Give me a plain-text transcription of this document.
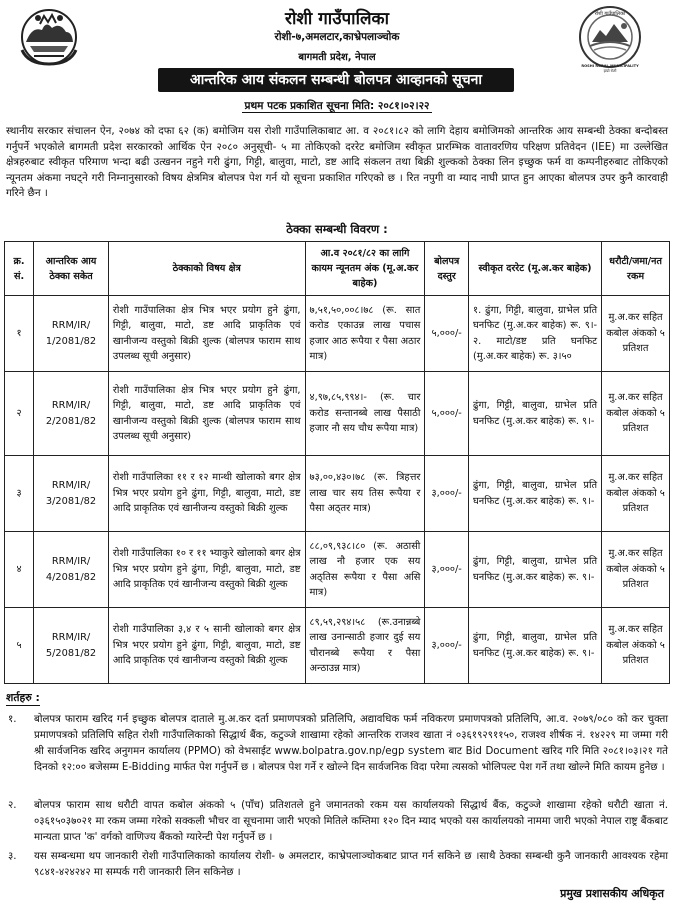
रोशी गाउँपालिका
रोशी-७,अमलटार,काभ्रेपलाञ्चोक
बागमती प्रदेश, नेपाल
रोशी गाउँपालिका
ROSHI RURAL MUNICIPALITY
हाम्रो रोशी
आन्तरिक आय संकलन सम्बन्धी बोलपत्र आव्हानको सूचना
प्रथम पटक प्रकाशित सूचना मिति: २०८१।०२।२२
स्थानीय सरकार संचालन ऐन, २०७४ को दफा ६२ (क) बमोजिम यस रोशी गाउँपालिकाबाट आ. व २०८१।८२ को लागि देहाय बमोजिमको आन्तरिक आय सम्बन्धी ठेक्का बन्दोबस्त गर्नुपर्ने भएकोले बागमती प्रदेश सरकारको आर्थिक ऐन २०८० अनुसूची- ५ मा तोकिएको दररेट बमोजिम स्वीकृत प्रारम्भिक वातावरणिय परिक्षण प्रतिवेदन (IEE) मा उल्लेखित क्षेत्रहरुबाट स्वीकृत परिमाण भन्दा बढी उत्खनन नहुने गरी ढुंगा, गिट्टी, बालुवा, माटो, डष्ट आदि संकलन तथा बिक्री शुल्कको ठेक्का लिन इच्छुक फर्म वा कम्पनीहरुबाट तोकिएको न्यूनतम अंकमा नघट्ने गरी निम्नानुसारको विषय क्षेत्रमित्र बोलपत्र पेश गर्न यो सूचना प्रकाशित गरिएको छ । रित नपुगी वा म्याद नाघी प्राप्त हुन आएका बोलपत्र उपर कुनै कारवाही गरिने छैन ।
ठेक्का सम्बन्धी विवरण :
क्र. सं.	आन्तरिक आय ठेक्का सकेत	ठेक्काको विषय क्षेत्र	आ.व २०८१/८२ का लागि कायम न्यूनतम अंक (मू.अ.कर बाहेक)	बोलपत्र दस्तुर	स्वीकृत दररेट (मू.अ.कर बाहेक)	धरौटी/जमा/नत रकम
१	RRM/IR/ 1/2081/82	रोशी गाउँपालिका क्षेत्र भित्र भएर प्रयोग हुने ढुंगा, गिट्टी, बालुवा, माटो, डष्ट आदि प्राकृतिक एवं खानीजन्य वस्तुको बिक्री शुल्क (बोलपत्र फाराम साथ उपलब्ध सूची अनुसार)	७,५१,५०,००८।७८ (रू. सात करोड एकाउन्न लाख पचास हजार आठ रूपैया र पैसा अठार मात्र)	५,०००/-	१. ढुंगा, गिट्टी, बालुवा, ग्राभेल प्रति घनफिट (मु.अ.कर बाहेक) रू. ९।- २. माटो/डष्ट प्रति घनफिट (मु.अ.कर बाहेक) रू. ३।५०	मु.अ.कर सहित कबोल अंकको ५ प्रतिशत
२	RRM/IR/ 2/2081/82	रोशी गाउँपालिका क्षेत्र भित्र भएर प्रयोग हुने ढुंगा, गिट्टी, बालुवा, माटो, डष्ट आदि प्राकृतिक एवं खानीजन्य वस्तुको बिक्री शुल्क (बोलपत्र फाराम साथ उपलब्ध सूची अनुसार)	४,९७,८५,९९४।- (रू. चार करोड सन्तानब्बे लाख पैसाठी हजार नौ सय चौध रूपैया मात्र)	५,०००/-	ढुंगा, गिट्टी, बालुवा, ग्राभेल प्रति घनफिट (मु.अ.कर बाहेक) रू. ९।-	मु.अ.कर सहित कबोल अंकको ५ प्रतिशत
३	RRM/IR/ 3/2081/82	रोशी गाउँपालिका ११ र १२ मान्थी खोलाको बगर क्षेत्र भित्र भएर प्रयोग हुने ढुंगा, गिट्टी, बालुवा, माटो, डष्ट आदि प्राकृतिक एवं खानीजन्य वस्तुको बिक्री शुल्क	७३,००,४३०।७८ (रू. त्रिहत्तर लाख चार सय तिस रूपैया र पैसा अठ्तर मात्र)	३,०००/-	ढुंगा, गिट्टी, बालुवा, ग्राभेल प्रति घनफिट (मु.अ.कर बाहेक) रू. ९।-	मु.अ.कर सहित कबोल अंकको ५ प्रतिशत
४	RRM/IR/ 4/2081/82	रोशी गाउँपालिका १० र ११ भ्याकुरे खोलाको बगर क्षेत्र भित्र भएर प्रयोग हुने ढुंगा, गिट्टी, बालुवा, माटो, डष्ट आदि प्राकृतिक एवं खानीजन्य वस्तुको बिक्री शुल्क	८८,०९,९३८।८० (रू. अठासी लाख नौ हजार एक सय अठ्तिस रूपैया र पैसा असि मात्र)	३,०००/-	ढुंगा, गिट्टी, बालुवा, ग्राभेल प्रति घनफिट (मु.अ.कर बाहेक) रू. ९।-	मु.अ.कर सहित कबोल अंकको ५ प्रतिशत
५	RRM/IR/ 5/2081/82	रोशी गाउँपालिका ३,४ र ५ सानी खोलाको बगर क्षेत्र भित्र भएर प्रयोग हुने ढुंगा, गिट्टी, बालुवा, माटो, डष्ट आदि प्राकृतिक एवं खानीजन्य वस्तुको बिक्री शुल्क	८९,५९,२९४।५८ (रू.उनान्नब्बे लाख उनान्साठी हजार दुई सय चौरानब्बे रूपैया र पैसा अन्ठाउन्न मात्र)	३,०००/-	ढुंगा, गिट्टी, बालुवा, ग्राभेल प्रति घनफिट (मु.अ.कर बाहेक) रू. ९।-	मु.अ.कर सहित कबोल अंकको ५ प्रतिशत
शर्तहरु :
१.	बोलपत्र फाराम खरिद गर्न इच्छुक बोलपत्र दाताले मु.अ.कर दर्ता प्रमाणपत्रको प्रतिलिपि, अद्यावधिक फर्म नविकरण प्रमाणपत्रको प्रतिलिपि, आ.व. २०७९/०८० को कर चुक्ता प्रमाणपत्रको प्रतिलिपि सहित रोशी गाउँपालिकाको सिद्धार्थ बैंक, कटुञ्जे शाखामा रहेको आन्तरिक राजश्व खाता नं ०३६१९२९११५०, राजश्व शीर्षक नं. १४२२९ मा जम्मा गरी श्री सार्वजनिक खरिद अनुगमन कार्यालय (PPMO) को वेभसाईट www.bolpatra.gov.np/egp system बाट Bid Document खरिद गरि मिति २०८१।०३।२१ गते दिनको १२:०० बजेसम्म E-Bidding मार्फत पेश गर्नुपर्ने छ । बोलपत्र पेश गर्ने र खोल्ने दिन सार्वजनिक विदा परेमा त्यसको भोलिपल्ट पेश गर्ने तथा खोल्ने मिति कायम हुनेछ ।
२.	बोलपत्र फाराम साथ धरौटी वापत कबोल अंकको ५ (पाँच) प्रतिशतले हुने जमानतको रकम यस कार्यालयको सिद्धार्थ बैंक, कटुञ्जे शाखामा रहेको धरौटी खाता नं. ०३६१५०३७०२१ मा रकम जम्मा गरेको सक्कली भौचर वा सूचनामा जारी भएको मितिले कम्तिमा १२० दिन म्याद भएको यस कार्यालयको नाममा जारी भएको नेपाल राष्ट्र बैंकबाट मान्यता प्राप्त 'क' वर्गको वाणिज्य बैंकको ग्यारेन्टी पेश गर्नुपर्ने छ ।
३.	यस सम्बन्धमा थप जानकारी रोशी गाउँपालिकाको कार्यालय रोशी- ७ अमलटार, काभ्रेपलाञ्चोकबाट प्राप्त गर्न सकिने छ ।साथै ठेक्का सम्बन्धी कुनै जानकारी आवश्यक रहेमा ९८४१-४२४२४२ मा सम्पर्क गरी जानकारी लिन सकिनेछ ।
प्रमुख प्रशासकीय अधिकृत
